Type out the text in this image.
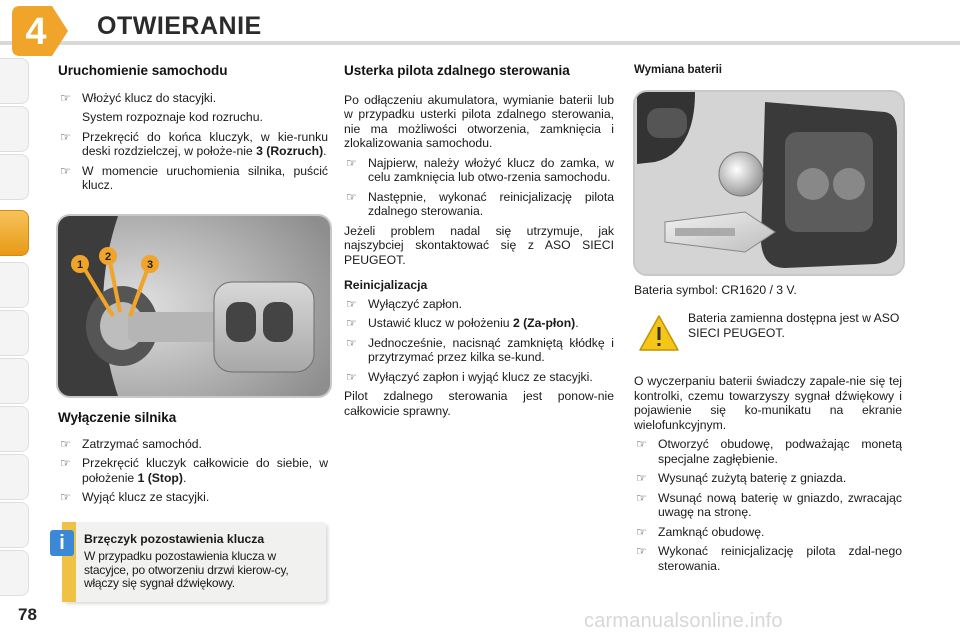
4	OTWIERANIE
Uruchomienie samochodu
☞ Włożyć klucz do stacyjki.
System rozpoznaje kod rozruchu.
☞ Przekręcić do końca kluczyk, w kie-runku deski rozdzielczej, w położe-nie 3 (Rozruch).
☞ W momencie uruchomienia silnika, puścić klucz.
1
2
3
Wyłączenie silnika
☞ Zatrzymać samochód.
☞ Przekręcić kluczyk całkowicie do siebie, w położenie 1 (Stop).
☞ Wyjąć klucz ze stacyjki.
i	Brzęczyk pozostawienia klucza
W przypadku pozostawienia klucza w stacyjce, po otworzeniu drzwi kierow-cy, włączy się sygnał dźwiękowy.
Usterka pilota zdalnego sterowania

Po odłączeniu akumulatora, wymianie baterii lub w przypadku usterki pilota zdalnego sterowania, nie ma możliwości otworzenia, zamknięcia i zlokalizowania samochodu.

☞ Najpierw, należy włożyć klucz do zamka, w celu zamknięcia lub otwo-rzenia samochodu.
☞ Następnie, wykonać reinicjalizację pilota zdalnego sterowania.

Jeżeli problem nadal się utrzymuje, jak najszybciej skontaktować się z ASO SIECI PEUGEOT.

Reinicjalizacja
☞ Wyłączyć zapłon.
☞ Ustawić klucz w położeniu 2 (Za-płon).
☞ Jednocześnie, nacisnąć zamkniętą kłódkę i przytrzymać przez kilka se-kund.
☞ Wyłączyć zapłon i wyjąć klucz ze stacyjki.

Pilot zdalnego sterowania jest ponow-nie całkowicie sprawny.

Wymiana baterii
Bateria symbol: CR1620 / 3 V.
Bateria zamienna dostępna jest w ASO SIECI PEUGEOT.

O wyczerpaniu baterii świadczy zapale-nie się tej kontrolki, czemu towarzyszy sygnał dźwiękowy i pojawienie się ko-munikatu na ekranie wielofunkcyjnym.

☞ Otworzyć obudowę, podważając monetą specjalne zagłębienie.
☞ Wysunąć zużytą baterię z gniazda.
☞ Wsunąć nową baterię w gniazdo, zwracając uwagę na stronę.
☞ Zamknąć obudowę.
☞ Wykonać reinicjalizację pilota zdal-nego sterowania.
78	carmanualsonline.info
